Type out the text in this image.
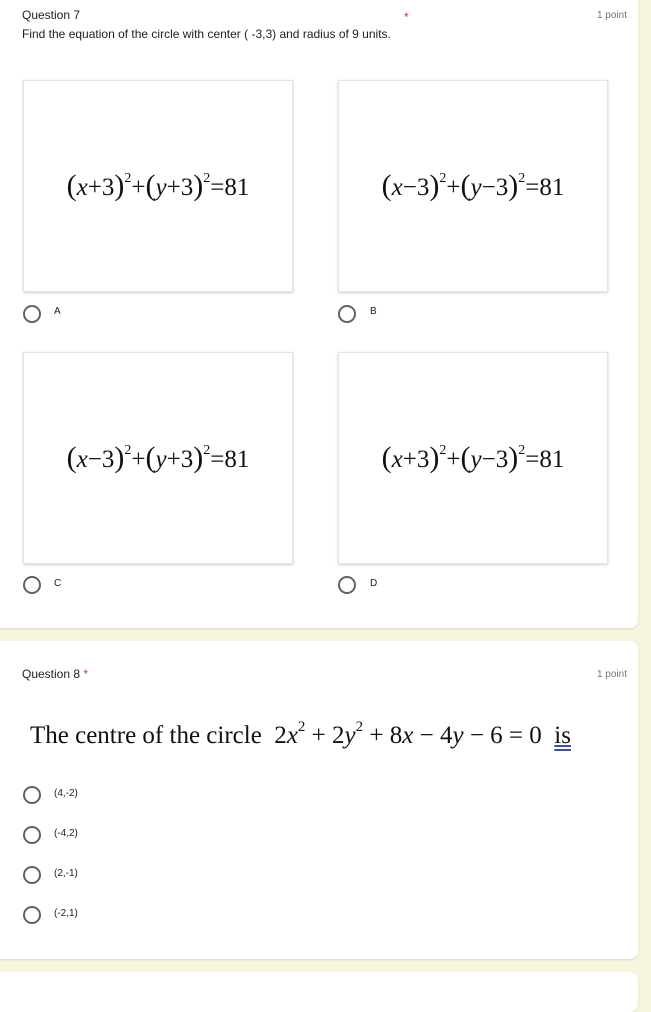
Question 7	*	1 point
Find the equation of the circle with center ( -3,3) and radius of 9 units.
$(x+3)^2+(y+3)^2=81$	$(x-3)^2+(y-3)^2=81$
A	B
$(x-3)^2+(y+3)^2=81$	$(x+3)^2+(y-3)^2=81$
C	D
Question 8 *	1 point
The centre of the circle  $2x^2 + 2y^2 + 8x - 4y - 6 = 0$  is
(4,-2)
(-4,2)
(2,-1)
(-2,1)
